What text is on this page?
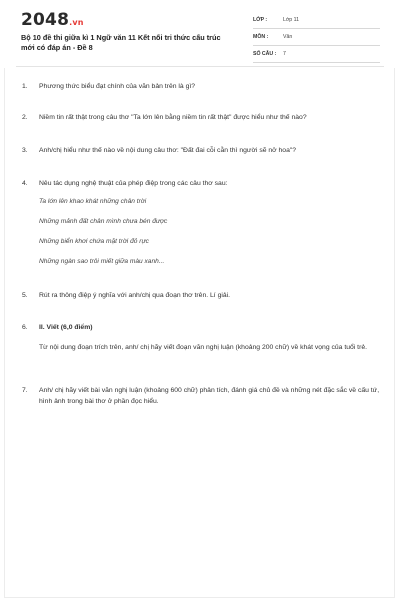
2048.vn
Bộ 10 đề thi giữa kì 1 Ngữ văn 11 Kết nối tri thức cấu trúc mới có đáp án - Đề 8
LỚP :	Lớp 11
MÔN :	Văn
SỐ CÂU : 7
1.	Phương thức biểu đạt chính của văn bản trên là gì?
2.	Niềm tin rất thật trong câu thơ "Ta lớn lên bằng niềm tin rất thật" được hiểu như thế nào?
3.	Anh/chị hiểu như thế nào về nội dung câu thơ: "Đất đai cỗi cằn thì người sẽ nở hoa"?
4.	Nêu tác dụng nghệ thuật của phép điệp trong các câu thơ sau:
Ta lớn lên khao khát những chân trời
Những mảnh đất chân mình chưa bén được
Những biển khơi chứa mặt trời đỏ rực
Những ngàn sao trôi miết giữa màu xanh...
5.	Rút ra thông điệp ý nghĩa với anh/chị qua đoạn thơ trên. Lí giải.
6.	II. Viết (6,0 điểm)
Từ nội dung đoạn trích trên, anh/ chị hãy viết đoạn văn nghị luận (khoảng 200 chữ) về khát vọng của tuổi trẻ.
7.	Anh/ chị hãy viết bài văn nghị luận (khoảng 600 chữ) phân tích, đánh giá chủ đề và những nét đặc sắc về cấu tứ, hình ảnh trong bài thơ ở phần đọc hiểu.
